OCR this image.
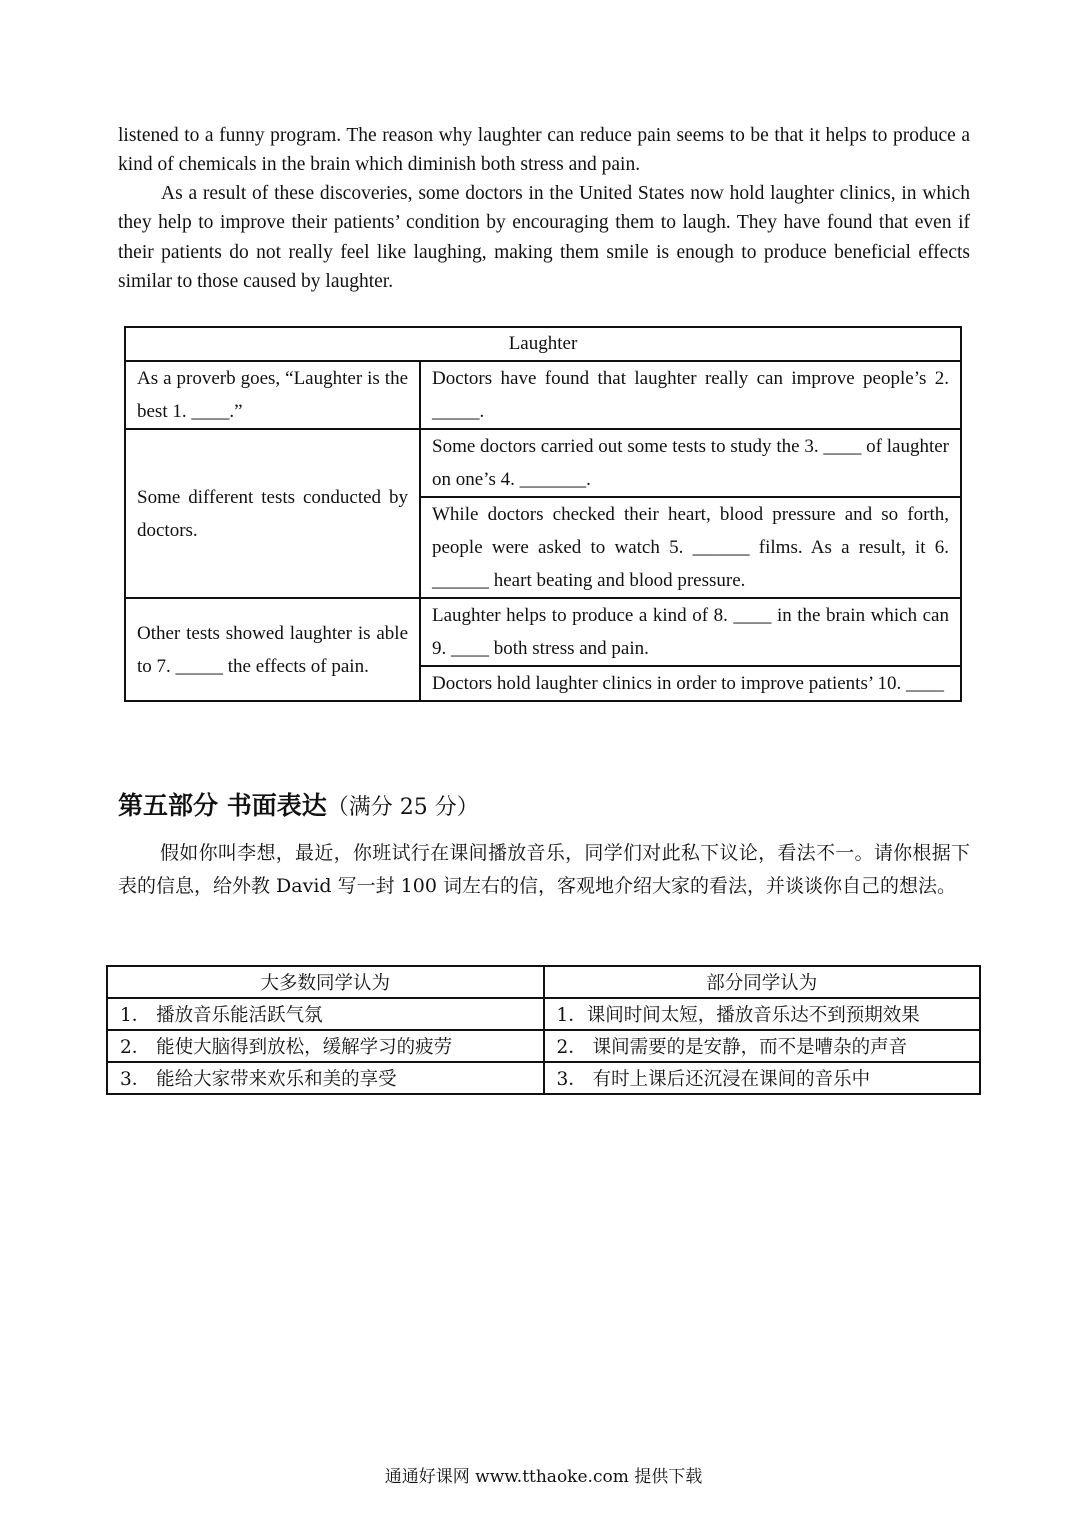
listened to a funny program. The reason why laughter can reduce pain seems to be that it helps to produce a kind of chemicals in the brain which diminish both stress and pain.

As a result of these discoveries, some doctors in the United States now hold laughter clinics, in which they help to improve their patients’ condition by encouraging them to laugh. They have found that even if their patients do not really feel like laughing, making them smile is enough to produce beneficial effects similar to those caused by laughter.

Laughter	
As a proverb goes, “Laughter is the best 1. ____.”	Doctors have found that laughter really can improve people’s 2. _____.
Some different tests conducted by doctors.	Some doctors carried out some tests to study the 3. ____ of laughter on one’s 4. _______.
	While doctors checked their heart, blood pressure and so forth, people were asked to watch 5. ______ films. As a result, it 6. ______ heart beating and blood pressure.
Other tests showed laughter is able to 7. _____ the effects of pain.	Laughter helps to produce a kind of 8. ____ in the brain which can 9. ____ both stress and pain.
	Doctors hold laughter clinics in order to improve patients’ 10. ____
第五部分 书面表达（满分 25 分）

假如你叫李想，最近，你班试行在课间播放音乐，同学们对此私下议论，看法不一。请你根据下表的信息，给外教 David 写一封 100 词左右的信，客观地介绍大家的看法，并谈谈你自己的想法。

大多数同学认为	部分同学认为
1． 播放音乐能活跃气氛	1．课间时间太短，播放音乐达不到预期效果
2． 能使大脑得到放松，缓解学习的疲劳	2． 课间需要的是安静，而不是嘈杂的声音
3． 能给大家带来欢乐和美的享受	3． 有时上课后还沉浸在课间的音乐中
通通好课网 www.tthaoke.com 提供下载
